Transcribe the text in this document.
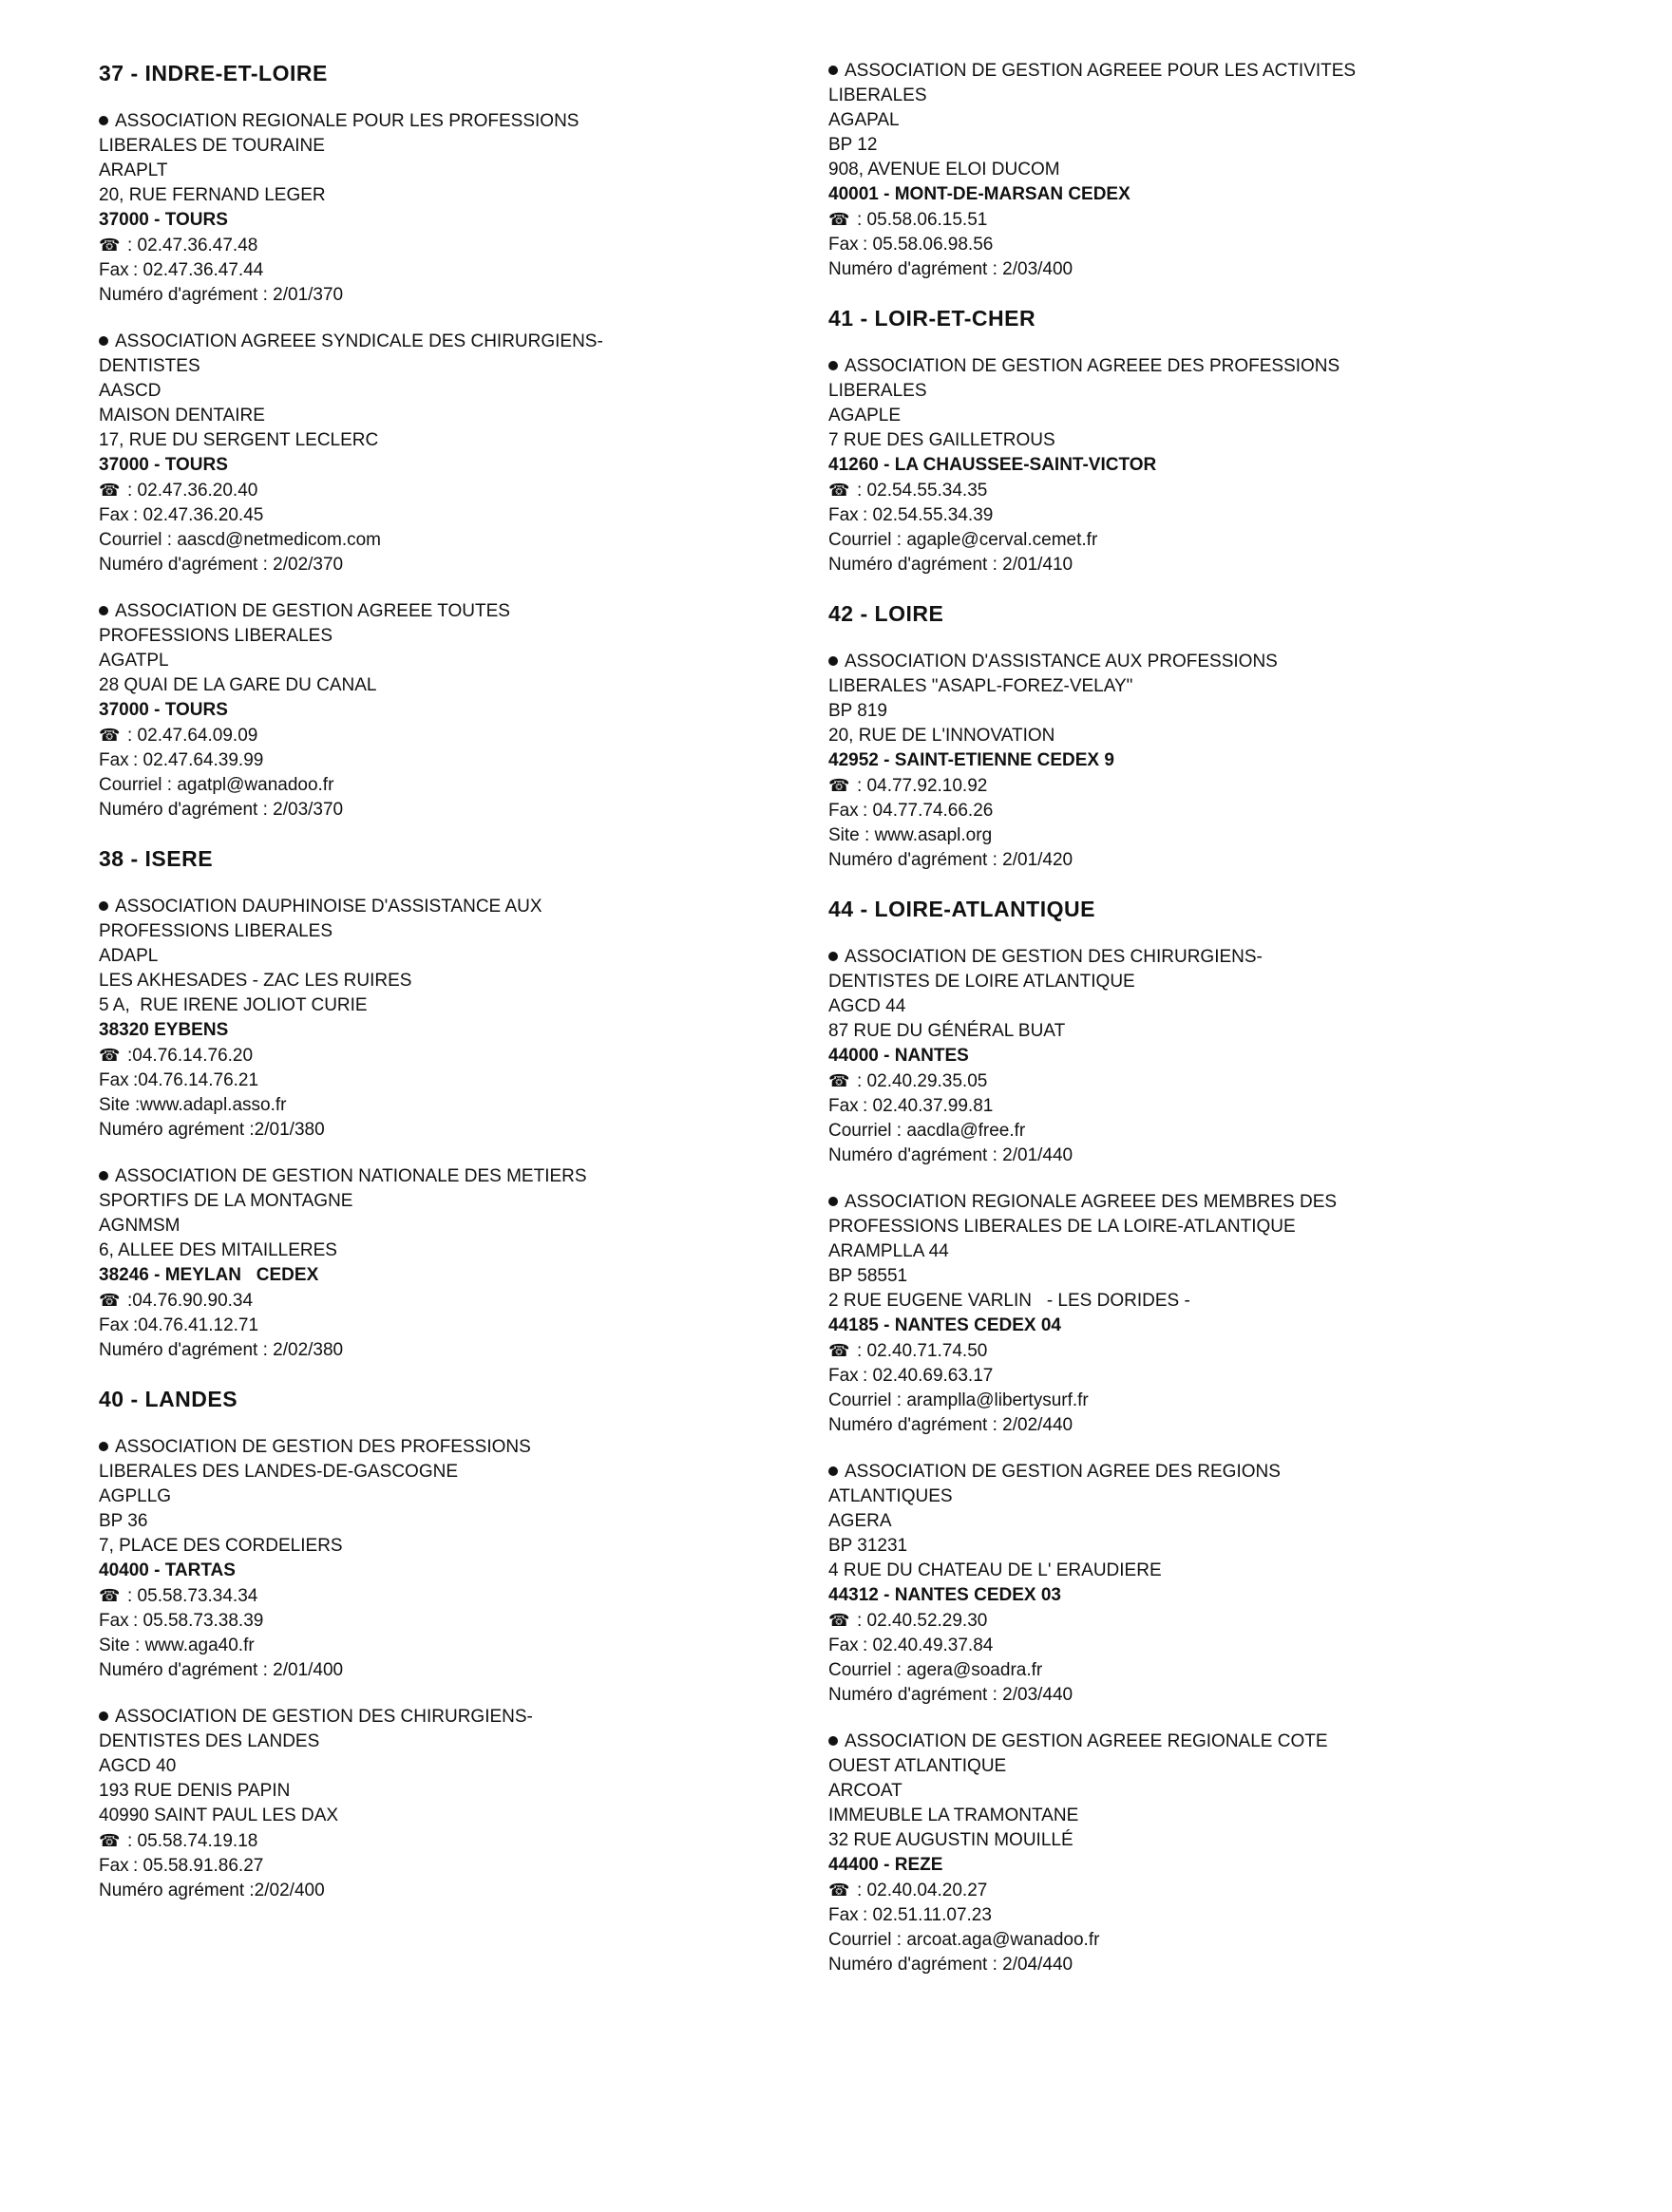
37 - INDRE-ET-LOIRE
ASSOCIATION REGIONALE POUR LES PROFESSIONS
LIBERALES DE TOURAINE
ARAPLT
20, RUE FERNAND LEGER
37000 - TOURS
☎ : 02.47.36.47.48
Fax : 02.47.36.47.44
Numéro d'agrément : 2/01/370
ASSOCIATION AGREEE SYNDICALE DES CHIRURGIENS-
DENTISTES
AASCD
MAISON DENTAIRE
17, RUE DU SERGENT LECLERC
37000 - TOURS
☎ : 02.47.36.20.40
Fax : 02.47.36.20.45
Courriel : aascd@netmedicom.com
Numéro d'agrément : 2/02/370
ASSOCIATION DE GESTION AGREEE TOUTES
PROFESSIONS LIBERALES
AGATPL
28 QUAI DE LA GARE DU CANAL
37000 - TOURS
☎ : 02.47.64.09.09
Fax : 02.47.64.39.99
Courriel : agatpl@wanadoo.fr
Numéro d'agrément : 2/03/370
38 - ISERE
ASSOCIATION DAUPHINOISE D'ASSISTANCE AUX
PROFESSIONS LIBERALES
ADAPL
LES AKHESADES - ZAC LES RUIRES
5 A,  RUE IRENE JOLIOT CURIE
38320 EYBENS
☎ :04.76.14.76.20
Fax :04.76.14.76.21
Site :www.adapl.asso.fr
Numéro agrément :2/01/380
ASSOCIATION DE GESTION NATIONALE DES METIERS
SPORTIFS DE LA MONTAGNE
AGNMSM
6, ALLEE DES MITAILLERES
38246 - MEYLAN   CEDEX
☎ :04.76.90.90.34
Fax :04.76.41.12.71
Numéro d'agrément : 2/02/380
40 - LANDES
ASSOCIATION DE GESTION DES PROFESSIONS
LIBERALES DES LANDES-DE-GASCOGNE
AGPLLG
BP 36
7, PLACE DES CORDELIERS
40400 - TARTAS
☎ : 05.58.73.34.34
Fax : 05.58.73.38.39
Site : www.aga40.fr
Numéro d'agrément : 2/01/400
ASSOCIATION DE GESTION DES CHIRURGIENS-
DENTISTES DES LANDES
AGCD 40
193 RUE DENIS PAPIN
40990 SAINT PAUL LES DAX
☎ : 05.58.74.19.18
Fax : 05.58.91.86.27
Numéro agrément :2/02/400
ASSOCIATION DE GESTION AGREEE POUR LES ACTIVITES
LIBERALES
AGAPAL
BP 12
908, AVENUE ELOI DUCOM
40001 - MONT-DE-MARSAN CEDEX
☎ : 05.58.06.15.51
Fax : 05.58.06.98.56
Numéro d'agrément : 2/03/400
41 - LOIR-ET-CHER
ASSOCIATION DE GESTION AGREEE DES PROFESSIONS
LIBERALES
AGAPLE
7 RUE DES GAILLETROUS
41260 - LA CHAUSSEE-SAINT-VICTOR
☎ : 02.54.55.34.35
Fax : 02.54.55.34.39
Courriel : agaple@cerval.cemet.fr
Numéro d'agrément : 2/01/410
42 - LOIRE
ASSOCIATION D'ASSISTANCE AUX PROFESSIONS
LIBERALES "ASAPL-FOREZ-VELAY"
BP 819
20, RUE DE L'INNOVATION
42952 - SAINT-ETIENNE CEDEX 9
☎ : 04.77.92.10.92
Fax : 04.77.74.66.26
Site : www.asapl.org
Numéro d'agrément : 2/01/420
44 - LOIRE-ATLANTIQUE
ASSOCIATION DE GESTION DES CHIRURGIENS-
DENTISTES DE LOIRE ATLANTIQUE
AGCD 44
87 RUE DU GÉNÉRAL BUAT
44000 - NANTES
☎ : 02.40.29.35.05
Fax : 02.40.37.99.81
Courriel : aacdla@free.fr
Numéro d'agrément : 2/01/440
ASSOCIATION REGIONALE AGREEE DES MEMBRES DES
PROFESSIONS LIBERALES DE LA LOIRE-ATLANTIQUE
ARAMPLLA 44
BP 58551
2 RUE EUGENE VARLIN   - LES DORIDES -
44185 - NANTES CEDEX 04
☎ : 02.40.71.74.50
Fax : 02.40.69.63.17
Courriel : aramplla@libertysurf.fr
Numéro d'agrément : 2/02/440
ASSOCIATION DE GESTION AGREE DES REGIONS
ATLANTIQUES
AGERA
BP 31231
4 RUE DU CHATEAU DE L' ERAUDIERE
44312 - NANTES CEDEX 03
☎ : 02.40.52.29.30
Fax : 02.40.49.37.84
Courriel : agera@soadra.fr
Numéro d'agrément : 2/03/440
ASSOCIATION DE GESTION AGREEE REGIONALE COTE
OUEST ATLANTIQUE
ARCOAT
IMMEUBLE LA TRAMONTANE
32 RUE AUGUSTIN MOUILLÉ
44400 - REZE
☎ : 02.40.04.20.27
Fax : 02.51.11.07.23
Courriel : arcoat.aga@wanadoo.fr
Numéro d'agrément : 2/04/440
